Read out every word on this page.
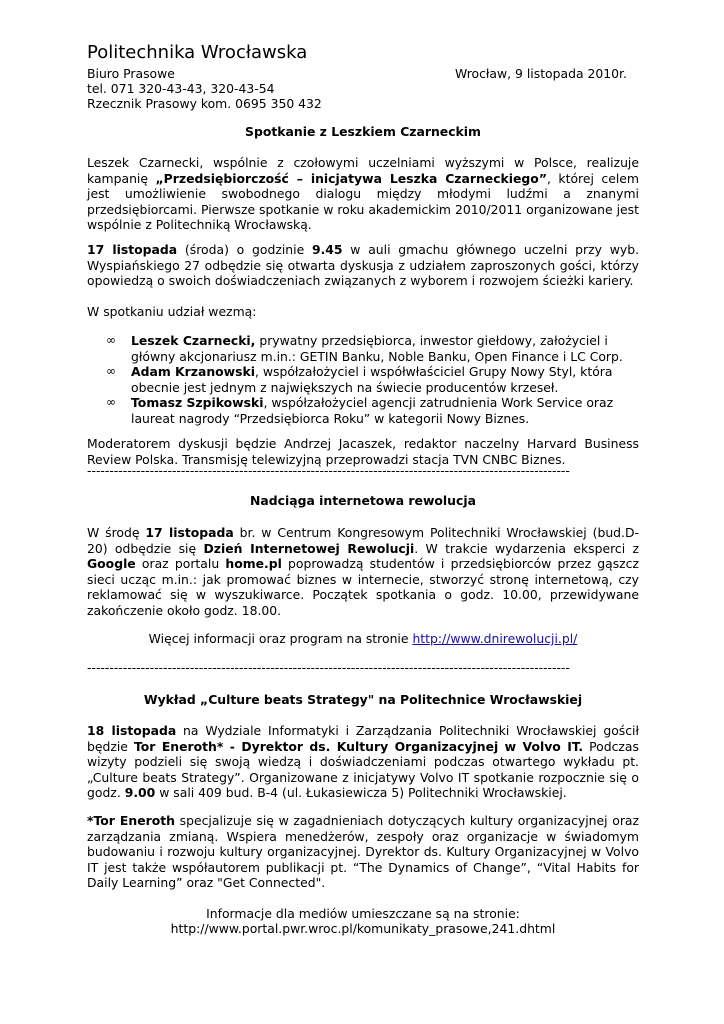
Politechnika Wrocławska
Biuro Prasowe	Wrocław, 9 listopada 2010r.
tel. 071 320-43-43, 320-43-54
Rzecznik Prasowy kom. 0695 350 432
Spotkanie z Leszkiem Czarneckim
Leszek Czarnecki, wspólnie z czołowymi uczelniami wyższymi w Polsce, realizuje kampanię „Przedsiębiorczość – inicjatywa Leszka Czarneckiego”, której celem jest umożliwienie swobodnego dialogu między młodymi ludźmi a znanymi przedsiębiorcami. Pierwsze spotkanie w roku akademickim 2010/2011 organizowane jest wspólnie z Politechniką Wrocławską.
17 listopada (środa) o godzinie 9.45 w auli gmachu głównego uczelni przy wyb. Wyspiańskiego 27 odbędzie się otwarta dyskusja z udziałem zaproszonych gości, którzy opowiedzą o swoich doświadczeniach związanych z wyborem i rozwojem ścieżki kariery.
W spotkaniu udział wezmą:
∞ Leszek Czarnecki, prywatny przedsiębiorca, inwestor giełdowy, założyciel i główny akcjonariusz m.in.: GETIN Banku, Noble Banku, Open Finance i LC Corp.
∞ Adam Krzanowski, współzałożyciel i współwłaściciel Grupy Nowy Styl, która obecnie jest jednym z największych na świecie producentów krzeseł.
∞ Tomasz Szpikowski, współzałożyciel agencji zatrudnienia Work Service oraz laureat nagrody “Przedsiębiorca Roku” w kategorii Nowy Biznes.
Moderatorem dyskusji będzie Andrzej Jacaszek, redaktor naczelny Harvard Business Review Polska. Transmisję telewizyjną przeprowadzi stacja TVN CNBC Biznes.
------------------------------------------------------------------------------------------------------------
Nadciąga internetowa rewolucja
W środę 17 listopada br. w Centrum Kongresowym Politechniki Wrocławskiej (bud.D-20) odbędzie się Dzień Internetowej Rewolucji. W trakcie wydarzenia eksperci z Google oraz portalu home.pl poprowadzą studentów i przedsiębiorców przez gąszcz sieci ucząc m.in.: jak promować biznes w internecie, stworzyć stronę internetową, czy reklamować się w wyszukiwarce. Początek spotkania o godz. 10.00, przewidywane zakończenie około godz. 18.00.
Więcej informacji oraz program na stronie http://www.dnirewolucji.pl/
------------------------------------------------------------------------------------------------------------
Wykład „Culture beats Strategy" na Politechnice Wrocławskiej
18 listopada na Wydziale Informatyki i Zarządzania Politechniki Wrocławskiej gościł będzie Tor Eneroth* - Dyrektor ds. Kultury Organizacyjnej w Volvo IT. Podczas wizyty podzieli się swoją wiedzą i doświadczeniami podczas otwartego wykładu pt. „Culture beats Strategy”. Organizowane z inicjatywy Volvo IT spotkanie rozpocznie się o godz. 9.00 w sali 409 bud. B-4 (ul. Łukasiewicza 5) Politechniki Wrocławskiej.
*Tor Eneroth specjalizuje się w zagadnieniach dotyczących kultury organizacyjnej oraz zarządzania zmianą. Wspiera menedżerów, zespoły oraz organizacje w świadomym budowaniu i rozwoju kultury organizacyjnej. Dyrektor ds. Kultury Organizacyjnej w Volvo IT jest także współautorem publikacji pt. “The Dynamics of Change”, “Vital Habits for Daily Learning” oraz "Get Connected".
Informacje dla mediów umieszczane są na stronie:
http://www.portal.pwr.wroc.pl/komunikaty_prasowe,241.dhtml
